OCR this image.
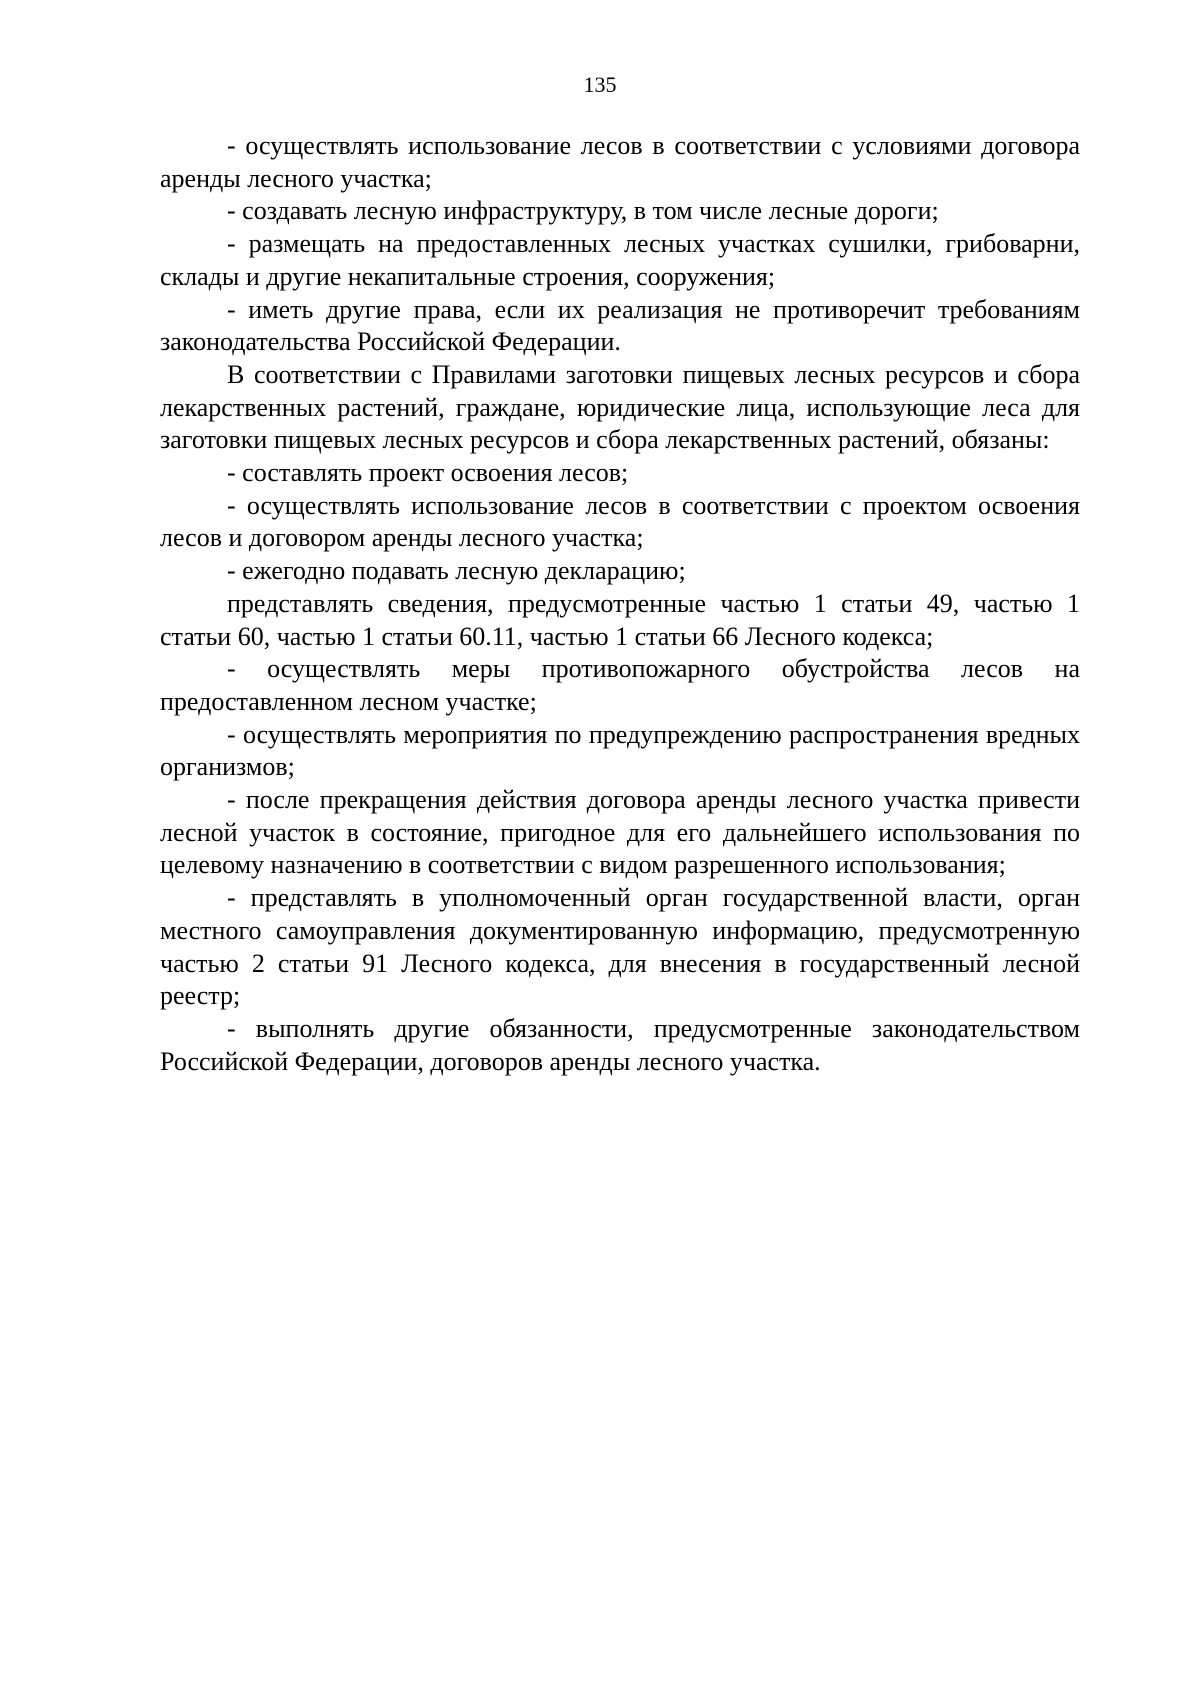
135

- осуществлять использование лесов в соответствии с условиями договора аренды лесного участка;

- создавать лесную инфраструктуру, в том числе лесные дороги;

- размещать на предоставленных лесных участках сушилки, грибоварни, склады и другие некапитальные строения, сооружения;

- иметь другие права, если их реализация не противоречит требованиям законодательства Российской Федерации.

В соответствии с Правилами заготовки пищевых лесных ресурсов и сбора лекарственных растений, граждане, юридические лица, использующие леса для заготовки пищевых лесных ресурсов и сбора лекарственных растений, обязаны:

- составлять проект освоения лесов;

- осуществлять использование лесов в соответствии с проектом освоения лесов и договором аренды лесного участка;

- ежегодно подавать лесную декларацию;

представлять сведения, предусмотренные частью 1 статьи 49, частью 1 статьи 60, частью 1 статьи 60.11, частью 1 статьи 66 Лесного кодекса;

- осуществлять меры противопожарного обустройства лесов на предоставленном лесном участке;

- осуществлять мероприятия по предупреждению распространения вредных организмов;

- после прекращения действия договора аренды лесного участка привести лесной участок в состояние, пригодное для его дальнейшего использования по целевому назначению в соответствии с видом разрешенного использования;

- представлять в уполномоченный орган государственной власти, орган местного самоуправления документированную информацию, предусмотренную частью 2 статьи 91 Лесного кодекса, для внесения в государственный лесной реестр;

- выполнять другие обязанности, предусмотренные законодательством Российской Федерации, договоров аренды лесного участка.
